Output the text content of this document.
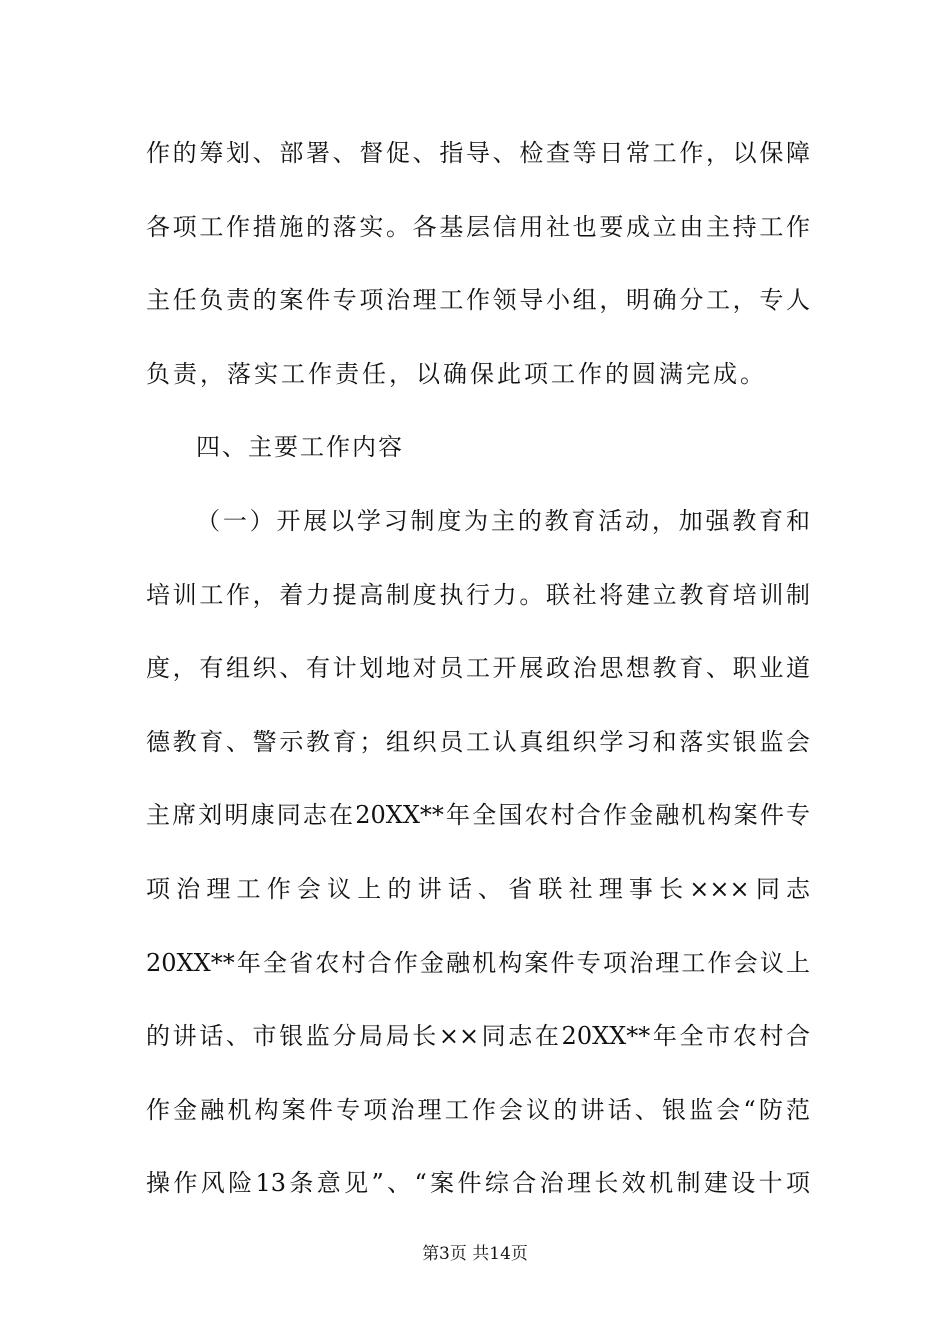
作的筹划、部署、督促、指导、检查等日常工作，以保障
各项工作措施的落实。各基层信用社也要成立由主持工作
主任负责的案件专项治理工作领导小组，明确分工，专人
负责，落实工作责任，以确保此项工作的圆满完成。
四、主要工作内容
（一）开展以学习制度为主的教育活动，加强教育和
培训工作，着力提高制度执行力。联社将建立教育培训制
度，有组织、有计划地对员工开展政治思想教育、职业道
德教育、警示教育；组织员工认真组织学习和落实银监会
主席刘明康同志在20XX**年全国农村合作金融机构案件专
项治理工作会议上的讲话、省联社理事长×××同志
20XX**年全省农村合作金融机构案件专项治理工作会议上
的讲话、市银监分局局长××同志在20XX**年全市农村合
作金融机构案件专项治理工作会议的讲话、银监会“防范
操作风险13条意见”、“案件综合治理长效机制建设十项
第3页 共14页
